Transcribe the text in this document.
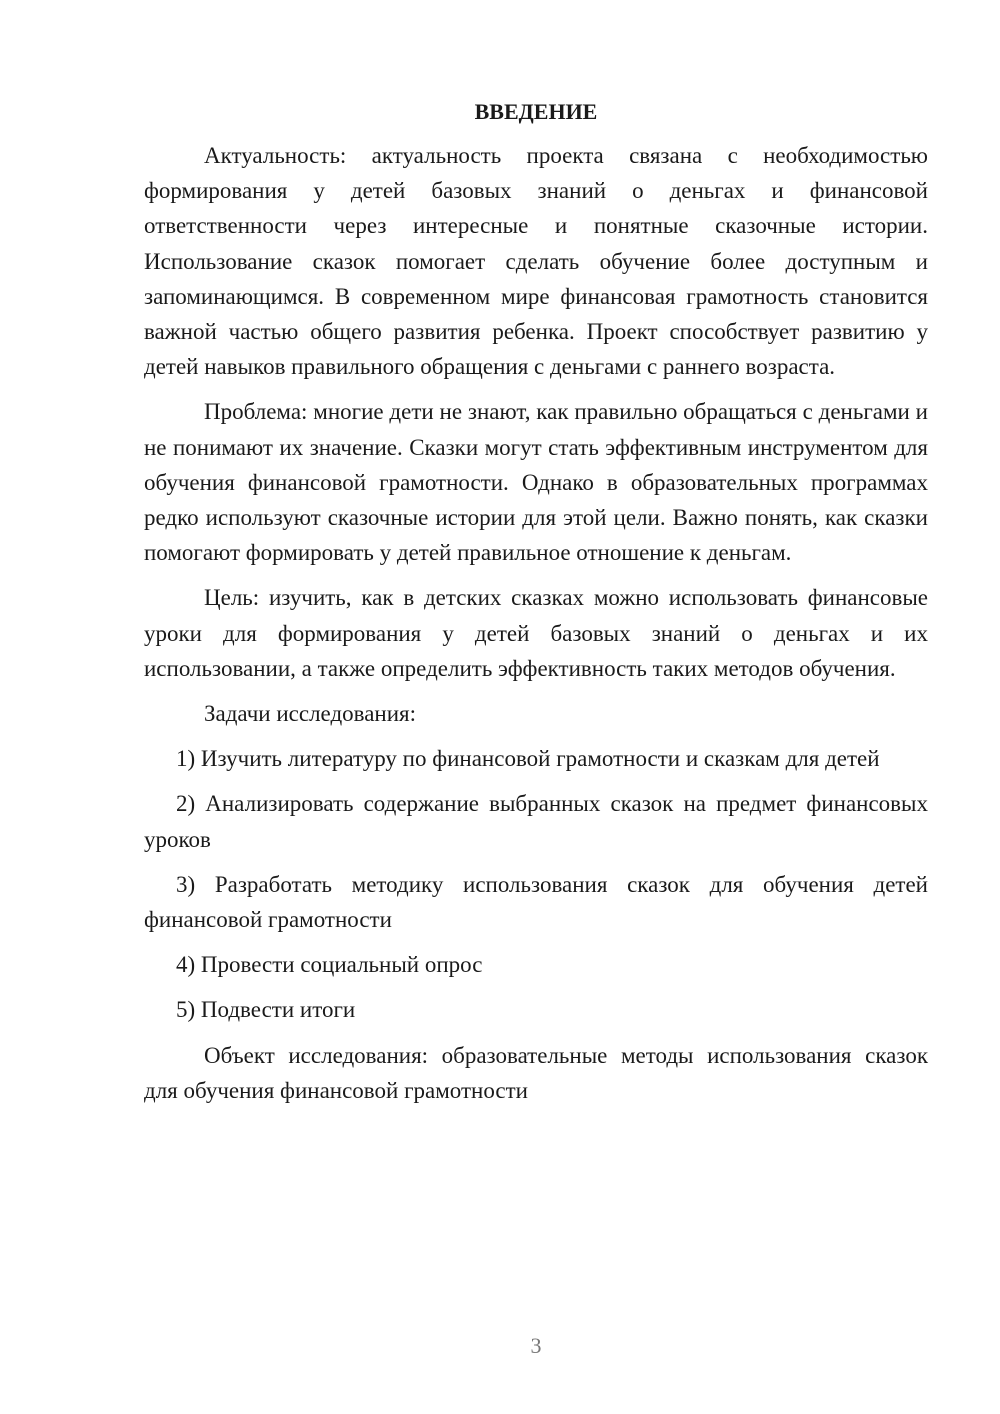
ВВЕДЕНИЕ

Актуальность: актуальность проекта связана с необходимостью формирования у детей базовых знаний о деньгах и финансовой ответственности через интересные и понятные сказочные истории. Использование сказок помогает сделать обучение более доступным и запоминающимся. В современном мире финансовая грамотность становится важной частью общего развития ребенка. Проект способствует развитию у детей навыков правильного обращения с деньгами с раннего возраста.

Проблема: многие дети не знают, как правильно обращаться с деньгами и не понимают их значение. Сказки могут стать эффективным инструментом для обучения финансовой грамотности. Однако в образовательных программах редко используют сказочные истории для этой цели. Важно понять, как сказки помогают формировать у детей правильное отношение к деньгам.

Цель: изучить, как в детских сказках можно использовать финансовые уроки для формирования у детей базовых знаний о деньгах и их использовании, а также определить эффективность таких методов обучения.

Задачи исследования:

1) Изучить литературу по финансовой грамотности и сказкам для детей

2) Анализировать содержание выбранных сказок на предмет финансовых уроков

3) Разработать методику использования сказок для обучения детей финансовой грамотности

4) Провести социальный опрос

5) Подвести итоги

Объект исследования: образовательные методы использования сказок для обучения финансовой грамотности

3
